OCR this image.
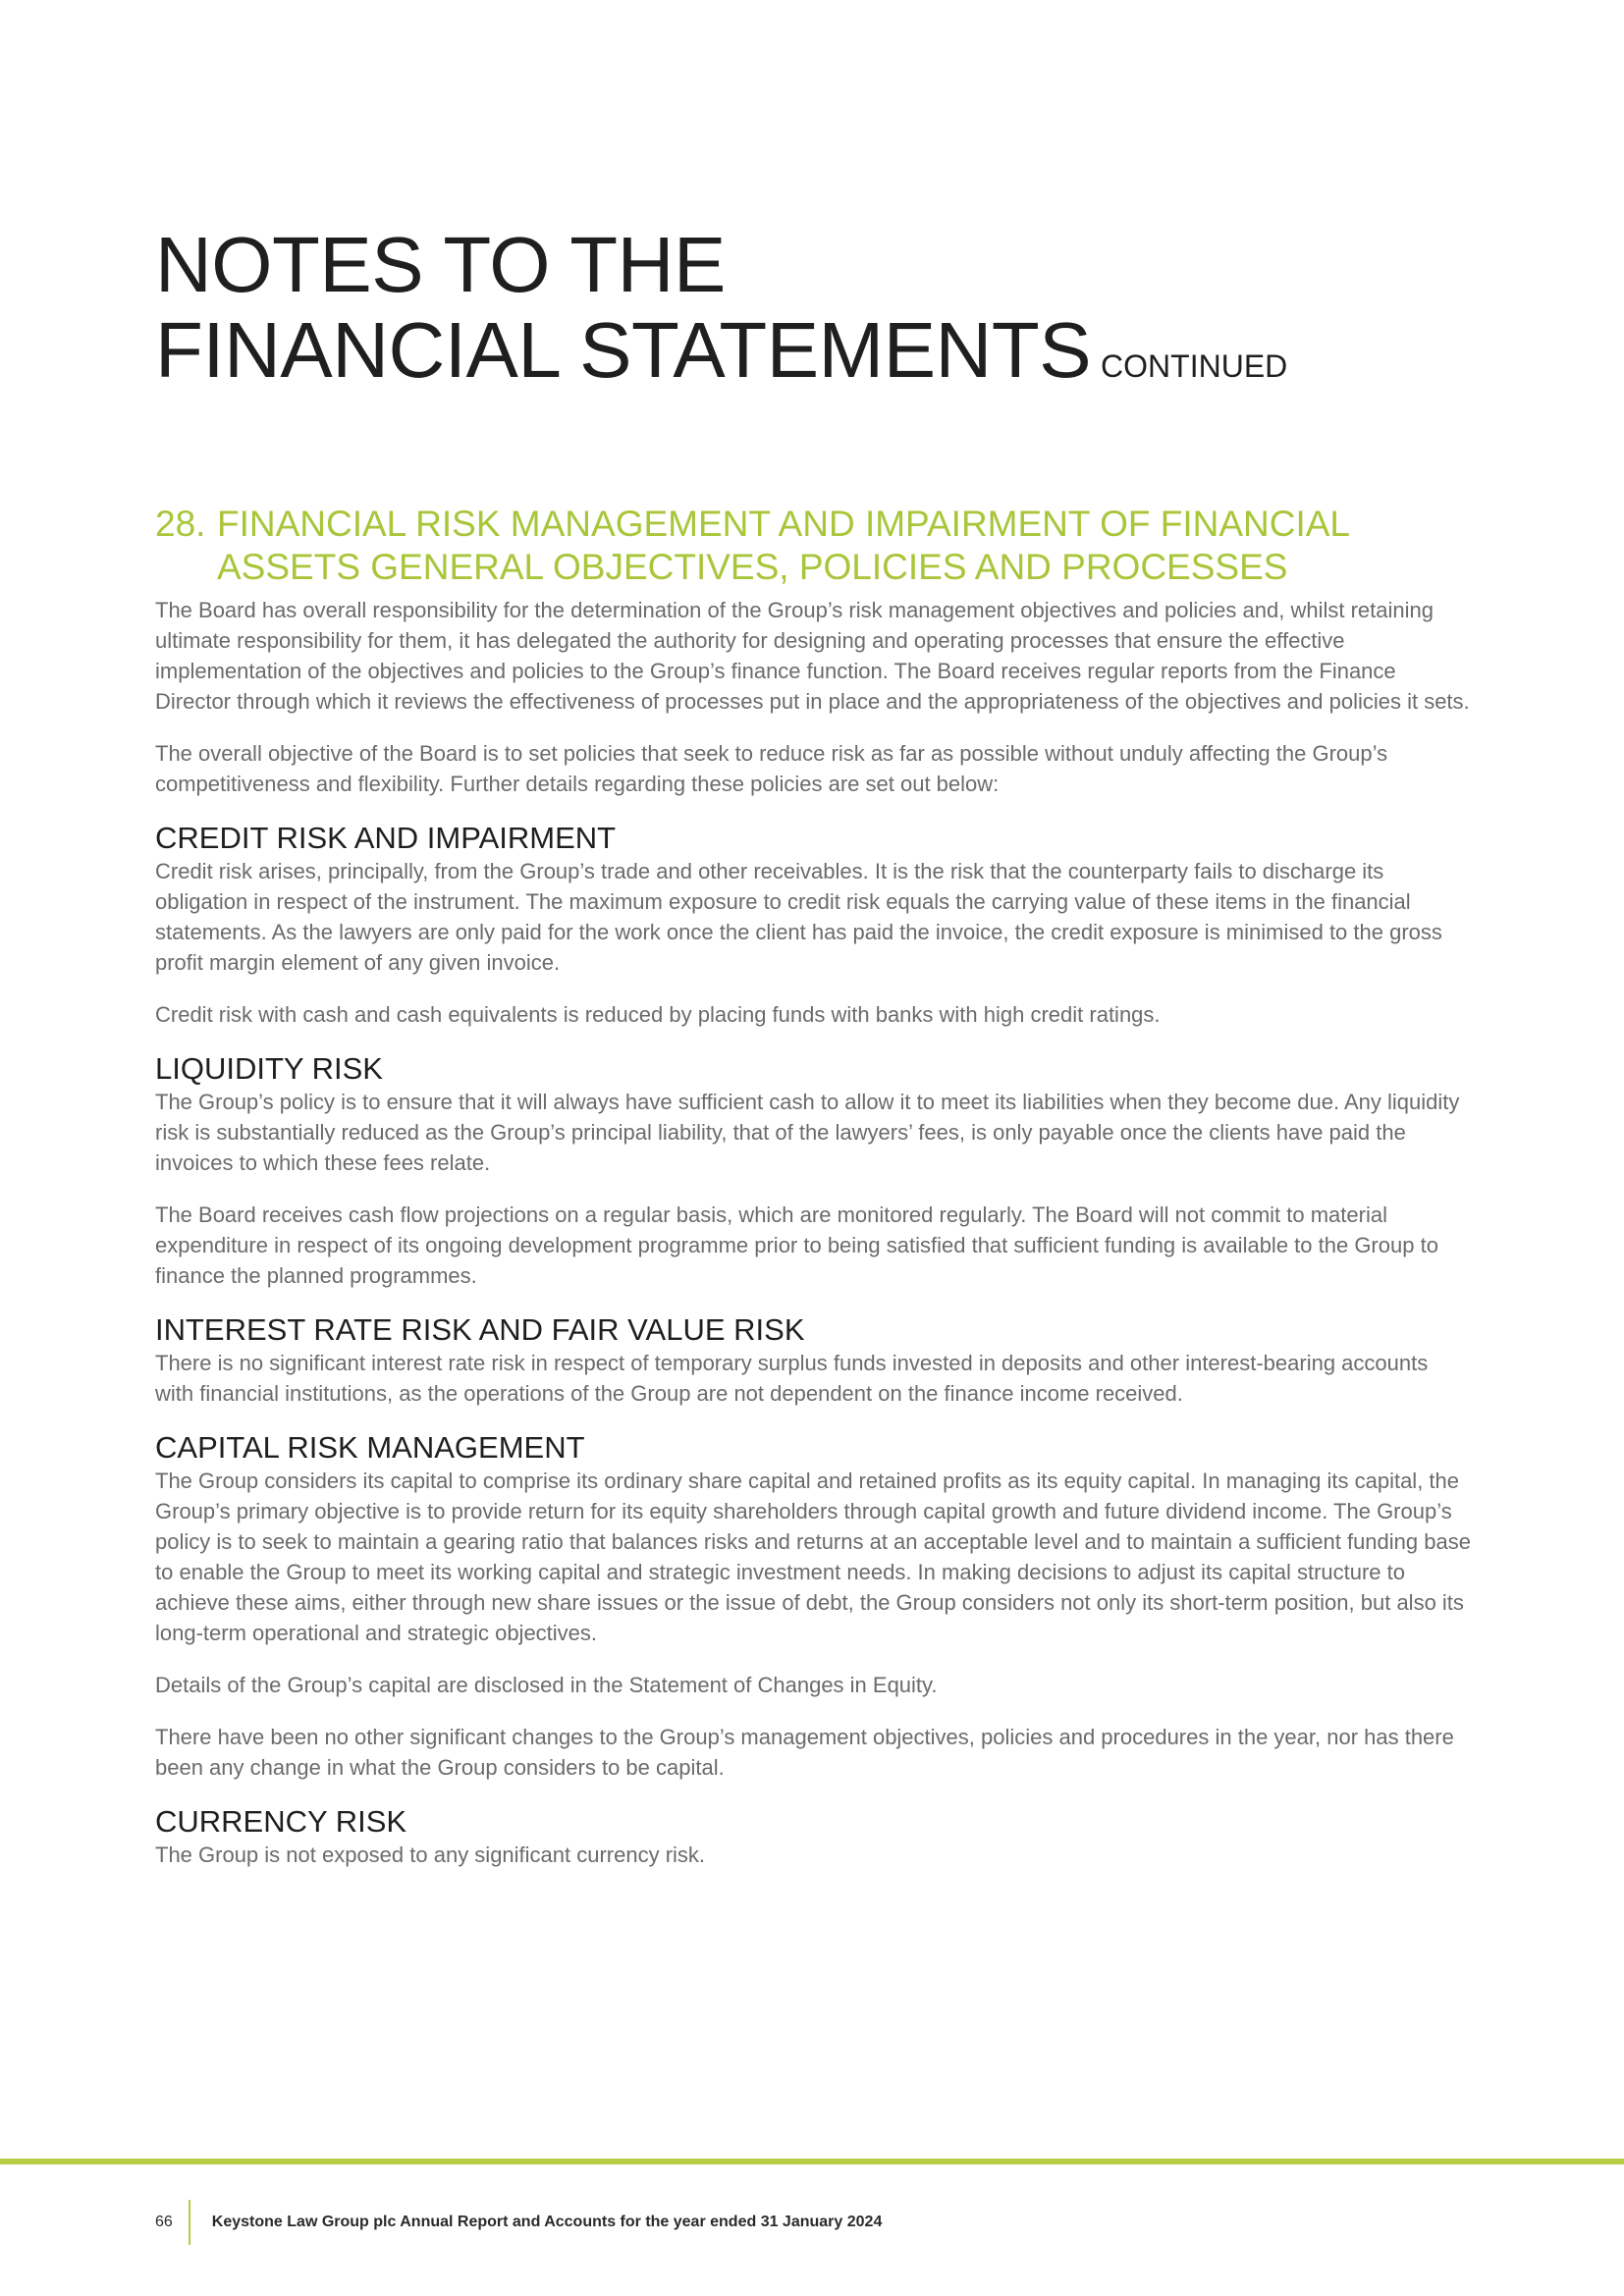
NOTES TO THE
FINANCIAL STATEMENTS CONTINUED
28. FINANCIAL RISK MANAGEMENT AND IMPAIRMENT OF FINANCIAL ASSETS GENERAL OBJECTIVES, POLICIES AND PROCESSES

The Board has overall responsibility for the determination of the Group’s risk management objectives and policies and, whilst retaining ultimate responsibility for them, it has delegated the authority for designing and operating processes that ensure the effective implementation of the objectives and policies to the Group’s finance function. The Board receives regular reports from the Finance Director through which it reviews the effectiveness of processes put in place and the appropriateness of the objectives and policies it sets.

The overall objective of the Board is to set policies that seek to reduce risk as far as possible without unduly affecting the Group’s competitiveness and flexibility. Further details regarding these policies are set out below:

CREDIT RISK AND IMPAIRMENT

Credit risk arises, principally, from the Group’s trade and other receivables. It is the risk that the counterparty fails to discharge its obligation in respect of the instrument. The maximum exposure to credit risk equals the carrying value of these items in the financial statements. As the lawyers are only paid for the work once the client has paid the invoice, the credit exposure is minimised to the gross profit margin element of any given invoice.

Credit risk with cash and cash equivalents is reduced by placing funds with banks with high credit ratings.

LIQUIDITY RISK

The Group’s policy is to ensure that it will always have sufficient cash to allow it to meet its liabilities when they become due. Any liquidity risk is substantially reduced as the Group’s principal liability, that of the lawyers’ fees, is only payable once the clients have paid the invoices to which these fees relate.

The Board receives cash flow projections on a regular basis, which are monitored regularly. The Board will not commit to material expenditure in respect of its ongoing development programme prior to being satisfied that sufficient funding is available to the Group to finance the planned programmes.

INTEREST RATE RISK AND FAIR VALUE RISK

There is no significant interest rate risk in respect of temporary surplus funds invested in deposits and other interest-bearing accounts with financial institutions, as the operations of the Group are not dependent on the finance income received.

CAPITAL RISK MANAGEMENT

The Group considers its capital to comprise its ordinary share capital and retained profits as its equity capital. In managing its capital, the Group’s primary objective is to provide return for its equity shareholders through capital growth and future dividend income. The Group’s policy is to seek to maintain a gearing ratio that balances risks and returns at an acceptable level and to maintain a sufficient funding base to enable the Group to meet its working capital and strategic investment needs. In making decisions to adjust its capital structure to achieve these aims, either through new share issues or the issue of debt, the Group considers not only its short-term position, but also its long-term operational and strategic objectives.

Details of the Group’s capital are disclosed in the Statement of Changes in Equity.

There have been no other significant changes to the Group’s management objectives, policies and procedures in the year, nor has there been any change in what the Group considers to be capital.

CURRENCY RISK

The Group is not exposed to any significant currency risk.

66	Keystone Law Group plc Annual Report and Accounts for the year ended 31 January 2024
